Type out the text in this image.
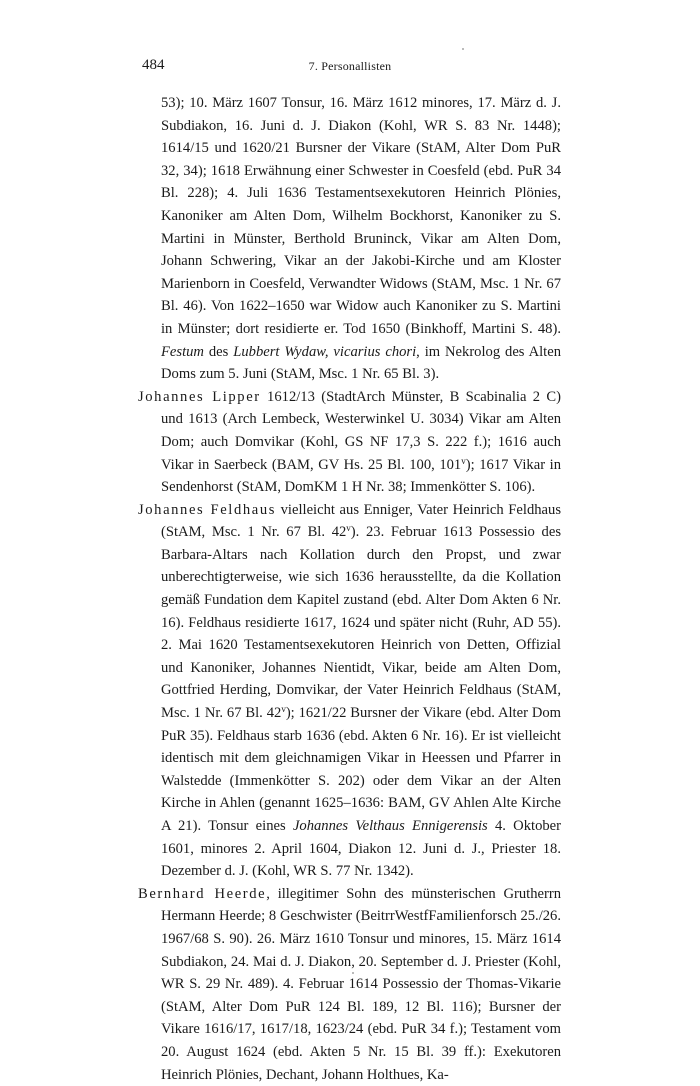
484	7. Personallisten

53); 10. März 1607 Tonsur, 16. März 1612 minores, 17. März d. J. Subdiakon, 16. Juni d. J. Diakon (Kohl, WR S. 83 Nr. 1448); 1614/15 und 1620/21 Bursner der Vikare (StAM, Alter Dom PuR 32, 34); 1618 Erwähnung einer Schwester in Coesfeld (ebd. PuR 34 Bl. 228); 4. Juli 1636 Testamentsexekutoren Heinrich Plönies, Kanoniker am Alten Dom, Wilhelm Bockhorst, Kanoniker zu S. Martini in Münster, Berthold Bruninck, Vikar am Alten Dom, Johann Schwering, Vikar an der Jakobi-Kirche und am Kloster Marienborn in Coesfeld, Verwandter Widows (StAM, Msc. 1 Nr. 67 Bl. 46). Von 1622–1650 war Widow auch Kanoniker zu S. Martini in Münster; dort residierte er. Tod 1650 (Binkhoff, Martini S. 48). Festum des Lubbert Wydaw, vicarius chori, im Nekrolog des Alten Doms zum 5. Juni (StAM, Msc. 1 Nr. 65 Bl. 3).

Johannes Lipper 1612/13 (StadtArch Münster, B Scabinalia 2 C) und 1613 (Arch Lembeck, Westerwinkel U. 3034) Vikar am Alten Dom; auch Domvikar (Kohl, GS NF 17,3 S. 222 f.); 1616 auch Vikar in Saerbeck (BAM, GV Hs. 25 Bl. 100, 101$^v$); 1617 Vikar in Sendenhorst (StAM, DomKM 1 H Nr. 38; Immenkötter S. 106).

Johannes Feldhaus vielleicht aus Enniger, Vater Heinrich Feldhaus (StAM, Msc. 1 Nr. 67 Bl. 42$^v$). 23. Februar 1613 Possessio des Barbara-Altars nach Kollation durch den Propst, und zwar unberechtigterweise, wie sich 1636 herausstellte, da die Kollation gemäß Fundation dem Kapitel zustand (ebd. Alter Dom Akten 6 Nr. 16). Feldhaus residierte 1617, 1624 und später nicht (Ruhr, AD 55). 2. Mai 1620 Testamentsexekutoren Heinrich von Detten, Offizial und Kanoniker, Johannes Nientidt, Vikar, beide am Alten Dom, Gottfried Herding, Domvikar, der Vater Heinrich Feldhaus (StAM, Msc. 1 Nr. 67 Bl. 42$^v$); 1621/22 Bursner der Vikare (ebd. Alter Dom PuR 35). Feldhaus starb 1636 (ebd. Akten 6 Nr. 16). Er ist vielleicht identisch mit dem gleichnamigen Vikar in Heessen und Pfarrer in Walstedde (Immenkötter S. 202) oder dem Vikar an der Alten Kirche in Ahlen (genannt 1625–1636: BAM, GV Ahlen Alte Kirche A 21). Tonsur eines Johannes Velthaus Ennigerensis 4. Oktober 1601, minores 2. April 1604, Diakon 12. Juni d. J., Priester 18. Dezember d. J. (Kohl, WR S. 77 Nr. 1342).

Bernhard Heerde, illegitimer Sohn des münsterischen Grutherrn Hermann Heerde; 8 Geschwister (BeitrrWestfFamilienforsch 25./26. 1967/68 S. 90). 26. März 1610 Tonsur und minores, 15. März 1614 Subdiakon, 24. Mai d. J. Diakon, 20. September d. J. Priester (Kohl, WR S. 29 Nr. 489). 4. Februar 1614 Possessio der Thomas-Vikarie (StAM, Alter Dom PuR 124 Bl. 189, 12 Bl. 116); Bursner der Vikare 1616/17, 1617/18, 1623/24 (ebd. PuR 34 f.); Testament vom 20. August 1624 (ebd. Akten 5 Nr. 15 Bl. 39 ff.): Exekutoren Heinrich Plönies, Dechant, Johann Holthues, Ka-
